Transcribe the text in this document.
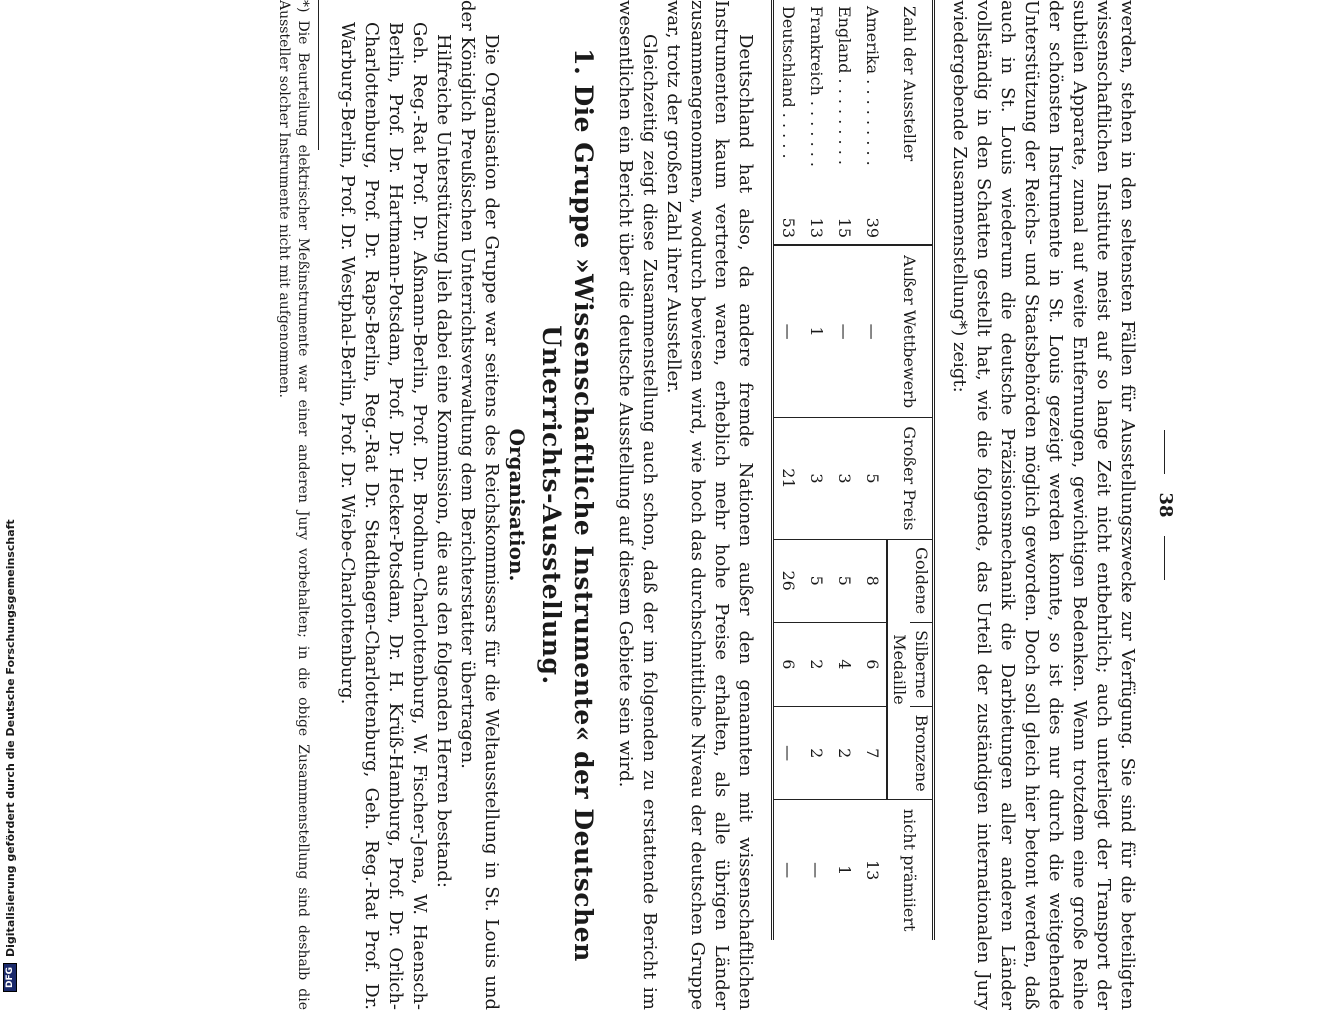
38

werden, stehen in den seltensten Fällen für Ausstellungszwecke zur Verfügung. Sie sind für die beteiligten wissenschaftlichen Institute meist auf so lange Zeit nicht entbehrlich; auch unterliegt der Transport der subtilen Apparate, zumal auf weite Entfernungen, gewichtigen Bedenken. Wenn trotzdem eine große Reihe der schönsten Instrumente in St. Louis gezeigt werden konnte, so ist dies nur durch die weitgehende Unterstützung der Reichs- und Staatsbehörden möglich geworden. Doch soll gleich hier betont werden, daß auch in St. Louis wiederum die deutsche Präzisionsmechanik die Darbietungen aller anderen Länder vollständig in den Schatten gestellt hat, wie die folgende, das Urteil der zuständigen internationalen Jury wiedergebende Zusammenstellung*) zeigt:

Zahl der Aussteller		Außer Wettbewerb	Großer Preis	Goldene	Silberne	Bronzene	nicht prämiiert
				Medaille			
Amerika . . . . . . . . .	39	—	5	8	6	7	13
England . . . . . . . . .	15	—	3	5	4	2	1
Frankreich . . . . . . .	13	1	3	5	2	2	—
Deutschland . . . . .	53	—	21	26	6	—	—

Deutschland hat also, da andere fremde Nationen außer den genannten mit wissenschaftlichen Instrumenten kaum vertreten waren, erheblich mehr hohe Preise erhalten, als alle übrigen Länder zusammengenommen, wodurch bewiesen wird, wie hoch das durchschnittliche Niveau der deutschen Gruppe war, trotz der großen Zahl ihrer Aussteller.

Gleichzeitig zeigt diese Zusammenstellung auch schon, daß der im folgenden zu erstattende Bericht im wesentlichen ein Bericht über die deutsche Ausstellung auf diesem Gebiete sein wird.

1. Die Gruppe »Wissenschaftliche Instrumente« der Deutschen Unterrichts-Ausstellung.
Organisation.

Die Organisation der Gruppe war seitens des Reichskommissars für die Weltausstellung in St. Louis und der Königlich Preußischen Unterrichtsverwaltung dem Berichterstatter übertragen.

Hilfreiche Unterstützung lieh dabei eine Kommission, die aus den folgenden Herren bestand:

Geh. Reg.-Rat Prof. Dr. Aßmann-Berlin, Prof. Dr. Brodhun-Charlottenburg, W. Fischer-Jena, W. Haensch-Berlin, Prof. Dr. Hartmann-Potsdam, Prof. Dr. Hecker-Potsdam, Dr. H. Krüß-Hamburg, Prof. Dr. Orlich-Charlottenburg, Prof. Dr. Raps-Berlin, Reg.-Rat Dr. Stadthagen-Charlottenburg, Geh. Reg.-Rat Prof. Dr. Warburg-Berlin, Prof. Dr. Westphal-Berlin, Prof. Dr. Wiebe-Charlottenburg.

*) Die Beurteilung elektrischer Meßinstrumente war einer anderen Jury vorbehalten; in die obige Zusammenstellung sind deshalb die Aussteller solcher Instrumente nicht mit aufgenommen.

DFG
Digitalisierung gefördert durch die Deutsche Forschungsgemeinschaft
